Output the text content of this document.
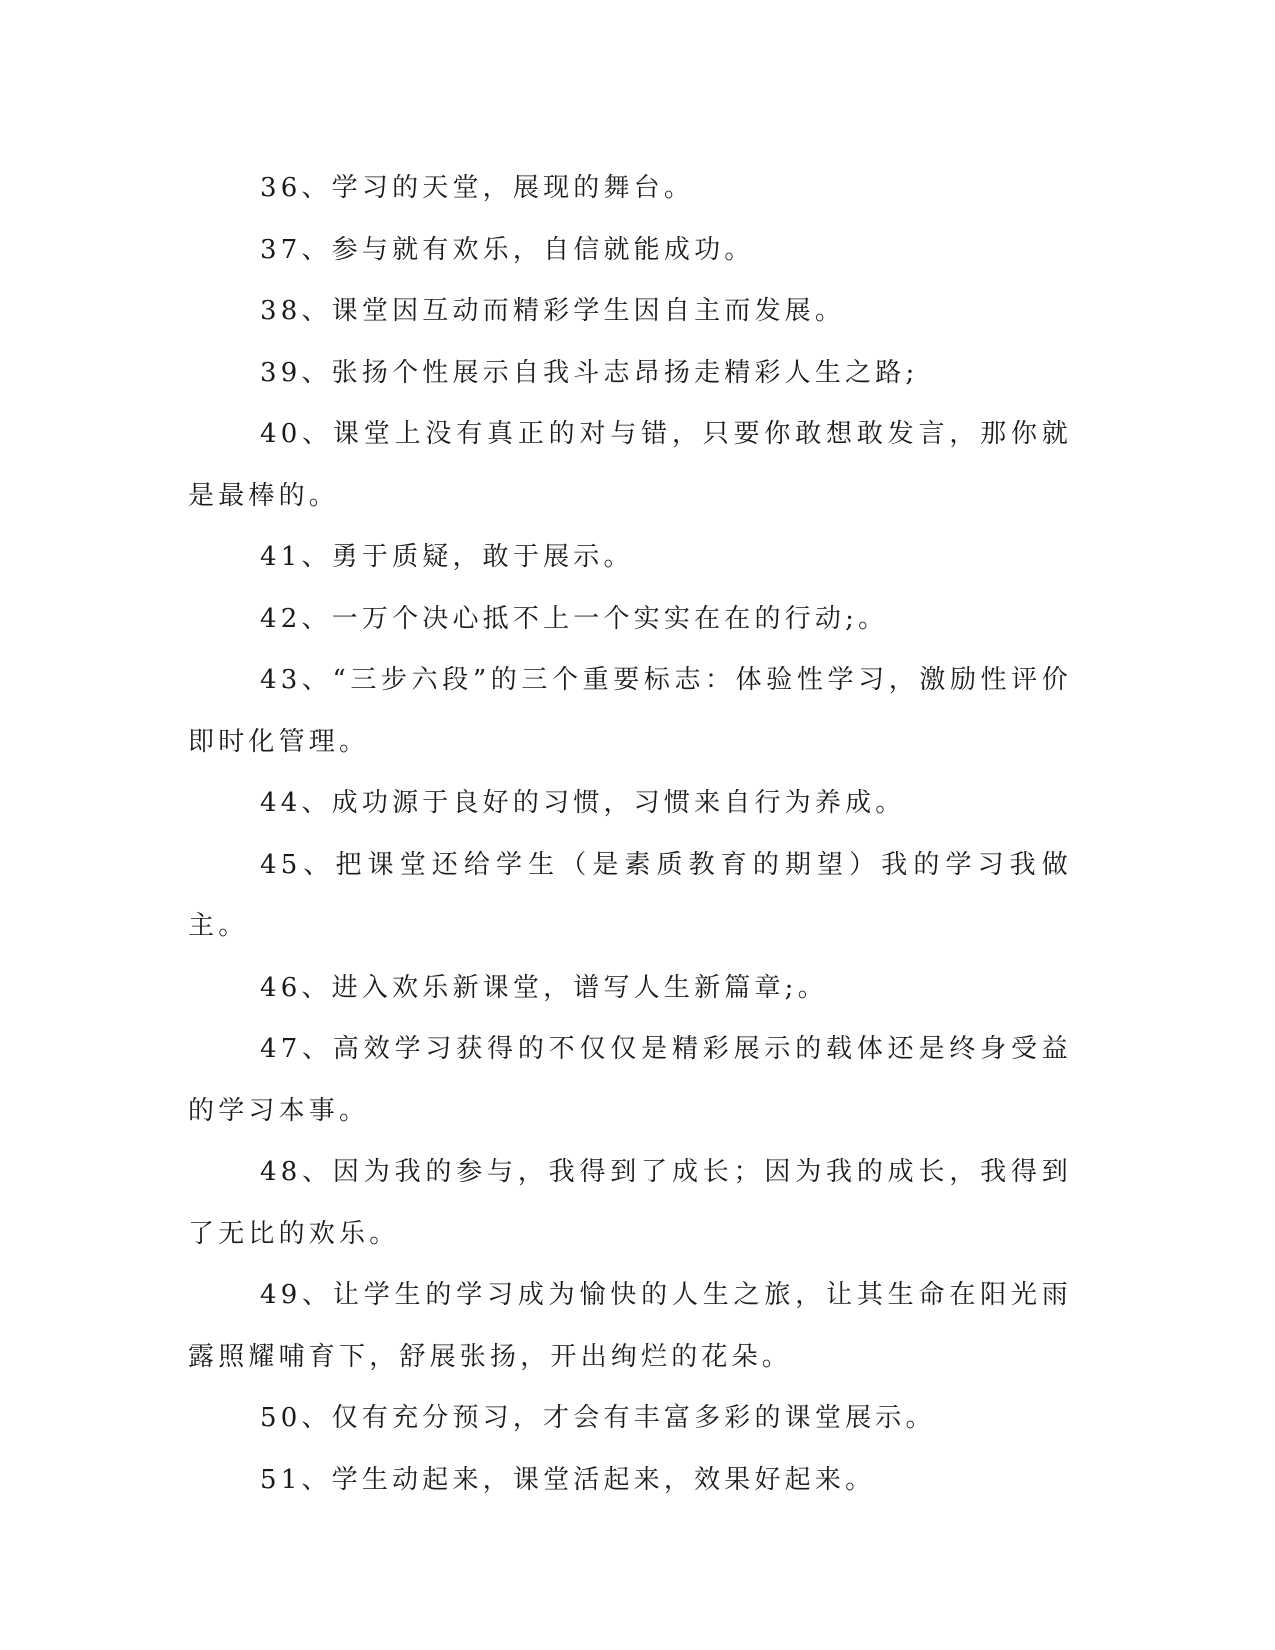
36、学习的天堂，展现的舞台。

37、参与就有欢乐，自信就能成功。

38、课堂因互动而精彩学生因自主而发展。

39、张扬个性展示自我斗志昂扬走精彩人生之路;

40、课堂上没有真正的对与错，只要你敢想敢发言，那你就是最棒的。

41、勇于质疑，敢于展示。

42、一万个决心抵不上一个实实在在的行动;。

43、“三步六段”的三个重要标志：体验性学习，激励性评价即时化管理。

44、成功源于良好的习惯，习惯来自行为养成。

45、把课堂还给学生（是素质教育的期望）我的学习我做主。

46、进入欢乐新课堂，谱写人生新篇章;。

47、高效学习获得的不仅仅是精彩展示的载体还是终身受益的学习本事。

48、因为我的参与，我得到了成长；因为我的成长，我得到了无比的欢乐。

49、让学生的学习成为愉快的人生之旅，让其生命在阳光雨露照耀哺育下，舒展张扬，开出绚烂的花朵。

50、仅有充分预习，才会有丰富多彩的课堂展示。

51、学生动起来，课堂活起来，效果好起来。
